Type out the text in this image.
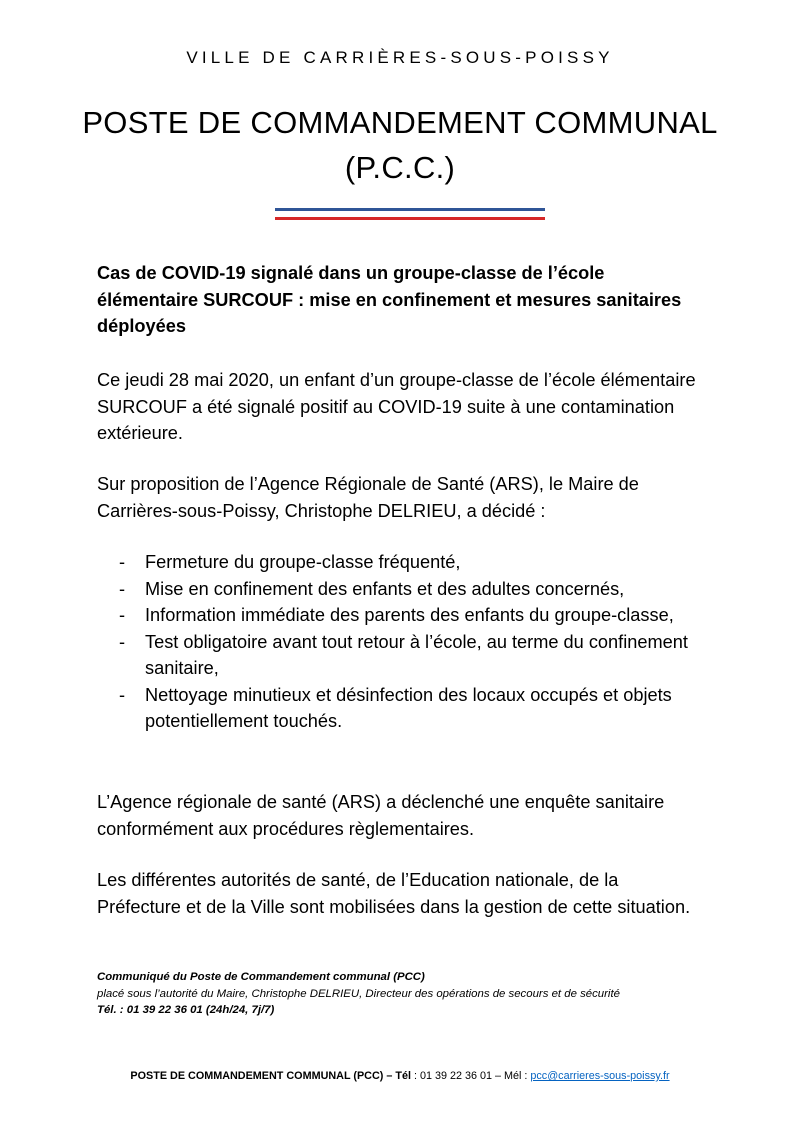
VILLE DE CARRIÈRES-SOUS-POISSY
POSTE DE COMMANDEMENT COMMUNAL
(P.C.C.)
Cas de COVID-19 signalé dans un groupe-classe de l’école élémentaire SURCOUF : mise en confinement et mesures sanitaires déployées
Ce jeudi 28 mai 2020, un enfant d’un groupe-classe de l’école élémentaire SURCOUF a été signalé positif au COVID-19 suite à une contamination extérieure.
Sur proposition de l’Agence Régionale de Santé (ARS), le Maire de Carrières-sous-Poissy, Christophe DELRIEU, a décidé :
- Fermeture du groupe-classe fréquenté,
- Mise en confinement des enfants et des adultes concernés,
- Information immédiate des parents des enfants du groupe-classe,
- Test obligatoire avant tout retour à l’école, au terme du confinement sanitaire,
- Nettoyage minutieux et désinfection des locaux occupés et objets potentiellement touchés.
L’Agence régionale de santé (ARS) a déclenché une enquête sanitaire conformément aux procédures règlementaires.
Les différentes autorités de santé, de l’Education nationale, de la Préfecture et de la Ville sont mobilisées dans la gestion de cette situation.
Communiqué du Poste de Commandement communal (PCC)
placé sous l’autorité du Maire, Christophe DELRIEU, Directeur des opérations de secours et de sécurité
Tél. : 01 39 22 36 01 (24h/24, 7j/7)
POSTE DE COMMANDEMENT COMMUNAL (PCC) – Tél : 01 39 22 36 01 – Mél : pcc@carrieres-sous-poissy.fr
